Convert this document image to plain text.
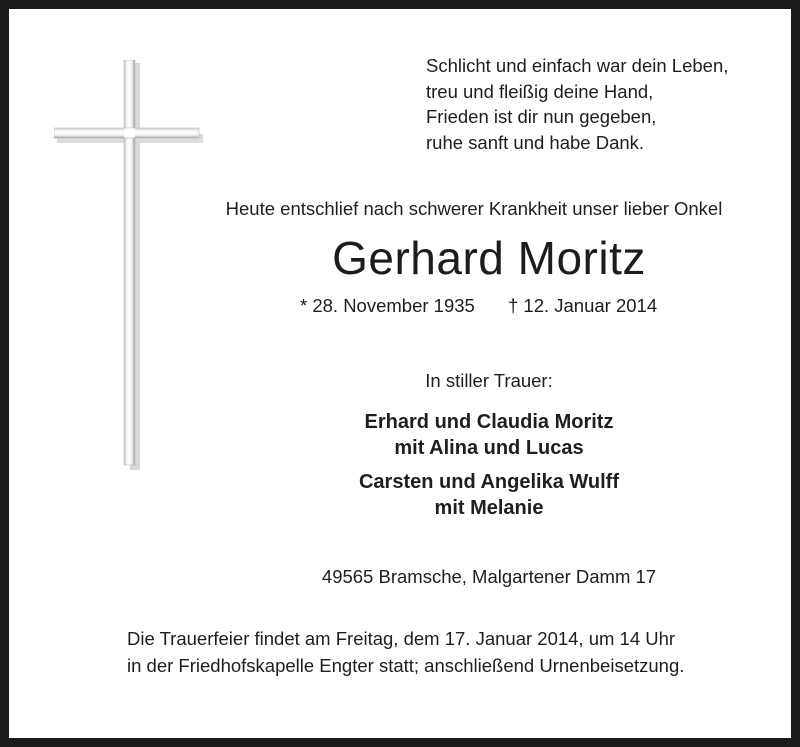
Schlicht und einfach war dein Leben,
treu und fleißig deine Hand,
Frieden ist dir nun gegeben,
ruhe sanft und habe Dank.
Heute entschlief nach schwerer Krankheit unser lieber Onkel
Gerhard Moritz
* 28. November 1935 † 12. Januar 2014
In stiller Trauer:
Erhard und Claudia Moritz
mit Alina und Lucas
Carsten und Angelika Wulff
mit Melanie
49565 Bramsche, Malgartener Damm 17
Die Trauerfeier findet am Freitag, dem 17. Januar 2014, um 14 Uhr
in der Friedhofskapelle Engter statt; anschließend Urnenbeisetzung.
